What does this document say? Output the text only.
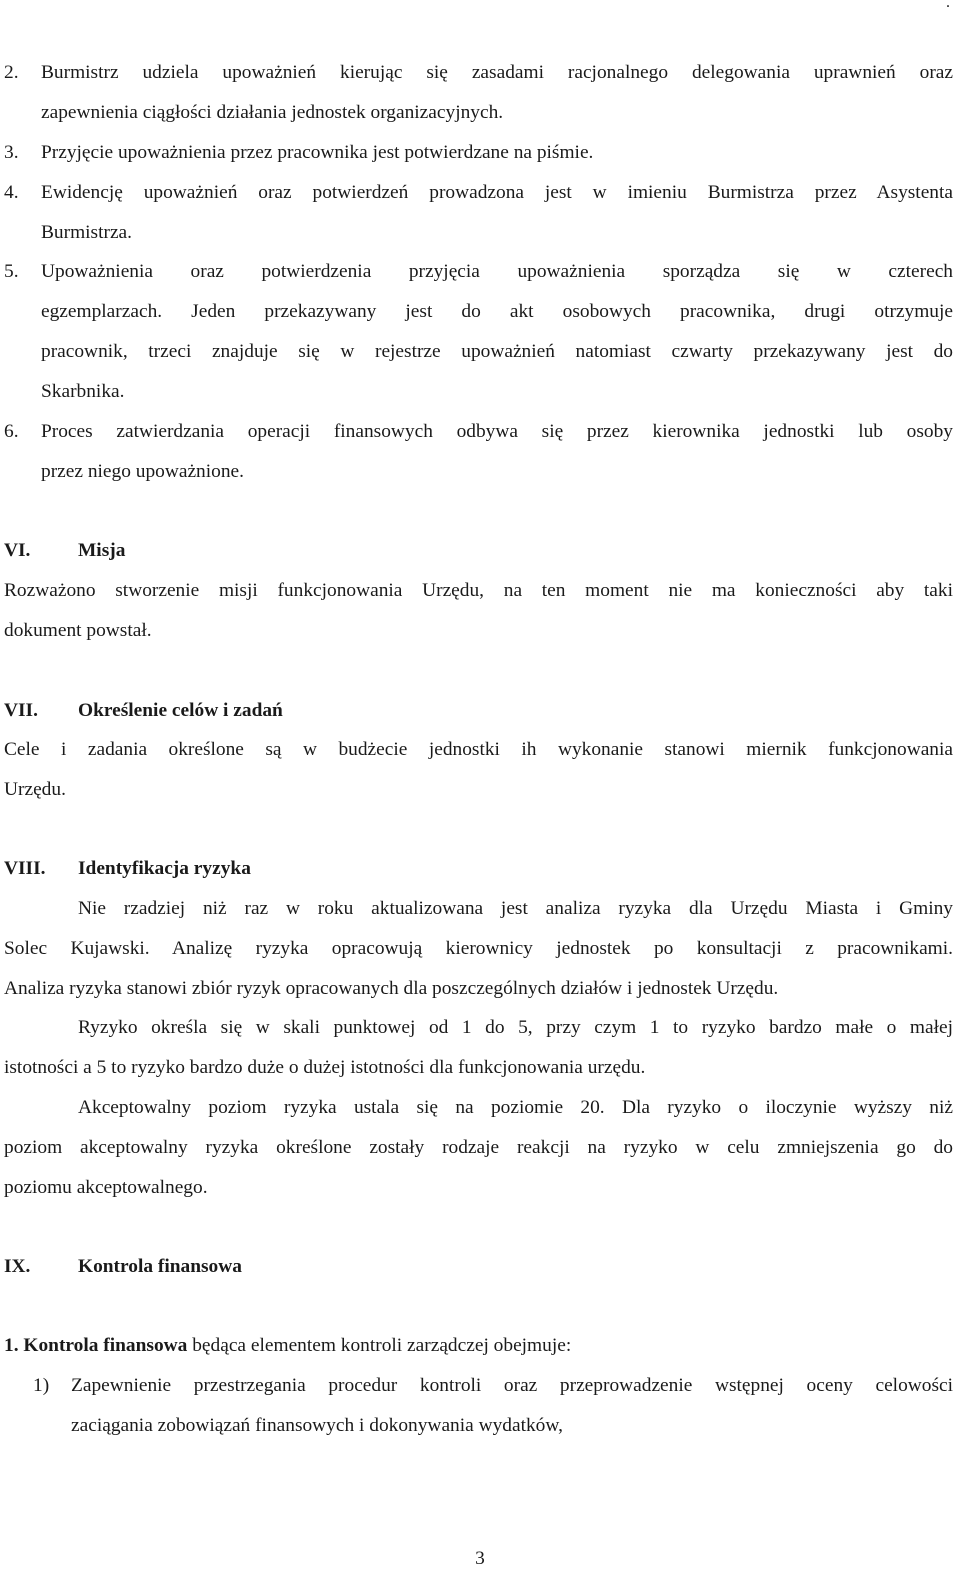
.
2. Burmistrz udziela upoważnień kierując się zasadami racjonalnego delegowania uprawnień oraz
zapewnienia ciągłości działania jednostek organizacyjnych.
3. Przyjęcie upoważnienia przez pracownika jest potwierdzane na piśmie.
4. Ewidencję upoważnień oraz potwierdzeń prowadzona jest w imieniu Burmistrza przez Asystenta
Burmistrza.
5. Upoważnienia oraz potwierdzenia przyjęcia upoważnienia sporządza się w czterech
egzemplarzach. Jeden przekazywany jest do akt osobowych pracownika, drugi otrzymuje
pracownik, trzeci znajduje się w rejestrze upoważnień natomiast czwarty przekazywany jest do
Skarbnika.
6. Proces zatwierdzania operacji finansowych odbywa się przez kierownika jednostki lub osoby
przez niego upoważnione.
VI. Misja
Rozważono stworzenie misji funkcjonowania Urzędu, na ten moment nie ma konieczności aby taki
dokument powstał.
VII. Określenie celów i zadań
Cele i zadania określone są w budżecie jednostki ih wykonanie stanowi miernik funkcjonowania
Urzędu.
VIII. Identyfikacja ryzyka
Nie rzadziej niż raz w roku aktualizowana jest analiza ryzyka dla Urzędu Miasta i Gminy
Solec Kujawski. Analizę ryzyka opracowują kierownicy jednostek po konsultacji z pracownikami.
Analiza ryzyka stanowi zbiór ryzyk opracowanych dla poszczególnych działów i jednostek Urzędu.
Ryzyko określa się w skali punktowej od 1 do 5, przy czym 1 to ryzyko bardzo małe o małej
istotności a 5 to ryzyko bardzo duże o dużej istotności dla funkcjonowania urzędu.
Akceptowalny poziom ryzyka ustala się na poziomie 20. Dla ryzyko o iloczynie wyższy niż
poziom akceptowalny ryzyka określone zostały rodzaje reakcji na ryzyko w celu zmniejszenia go do
poziomu akceptowalnego.
IX. Kontrola finansowa
1. Kontrola finansowa będąca elementem kontroli zarządczej obejmuje:
1) Zapewnienie przestrzegania procedur kontroli oraz przeprowadzenie wstępnej oceny celowości
zaciągania zobowiązań finansowych i dokonywania wydatków,
3
